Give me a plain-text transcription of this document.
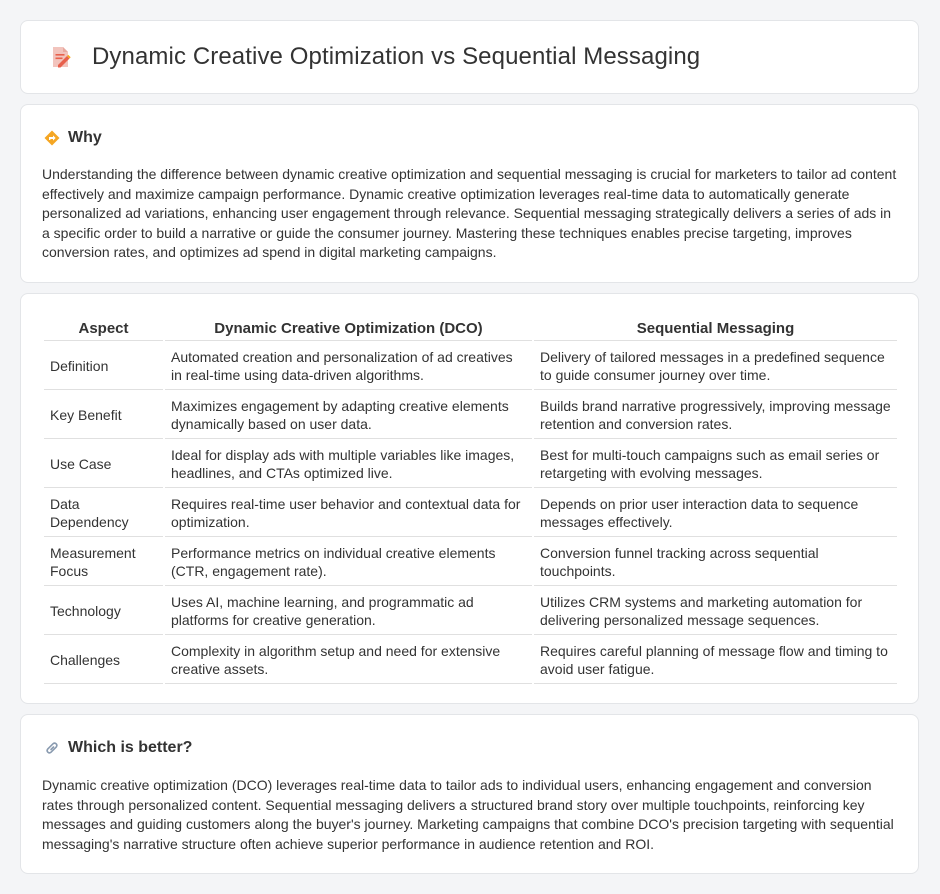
Dynamic Creative Optimization vs Sequential Messaging
Why

Understanding the difference between dynamic creative optimization and sequential messaging is crucial for marketers to tailor ad content effectively and maximize campaign performance. Dynamic creative optimization leverages real-time data to automatically generate personalized ad variations, enhancing user engagement through relevance. Sequential messaging strategically delivers a series of ads in a specific order to build a narrative or guide the consumer journey. Mastering these techniques enables precise targeting, improves conversion rates, and optimizes ad spend in digital marketing campaigns.

Aspect	Dynamic Creative Optimization (DCO)	Sequential Messaging
Definition	Automated creation and personalization of ad creatives in real-time using data-driven algorithms.	Delivery of tailored messages in a predefined sequence to guide consumer journey over time.
Key Benefit	Maximizes engagement by adapting creative elements dynamically based on user data.	Builds brand narrative progressively, improving message retention and conversion rates.
Use Case	Ideal for display ads with multiple variables like images, headlines, and CTAs optimized live.	Best for multi-touch campaigns such as email series or retargeting with evolving messages.
Data Dependency	Requires real-time user behavior and contextual data for optimization.	Depends on prior user interaction data to sequence messages effectively.
Measurement Focus	Performance metrics on individual creative elements (CTR, engagement rate).	Conversion funnel tracking across sequential touchpoints.
Technology	Uses AI, machine learning, and programmatic ad platforms for creative generation.	Utilizes CRM systems and marketing automation for delivering personalized message sequences.
Challenges	Complexity in algorithm setup and need for extensive creative assets.	Requires careful planning of message flow and timing to avoid user fatigue.
Which is better?

Dynamic creative optimization (DCO) leverages real-time data to tailor ads to individual users, enhancing engagement and conversion rates through personalized content. Sequential messaging delivers a structured brand story over multiple touchpoints, reinforcing key messages and guiding customers along the buyer's journey. Marketing campaigns that combine DCO's precision targeting with sequential messaging's narrative structure often achieve superior performance in audience retention and ROI.
